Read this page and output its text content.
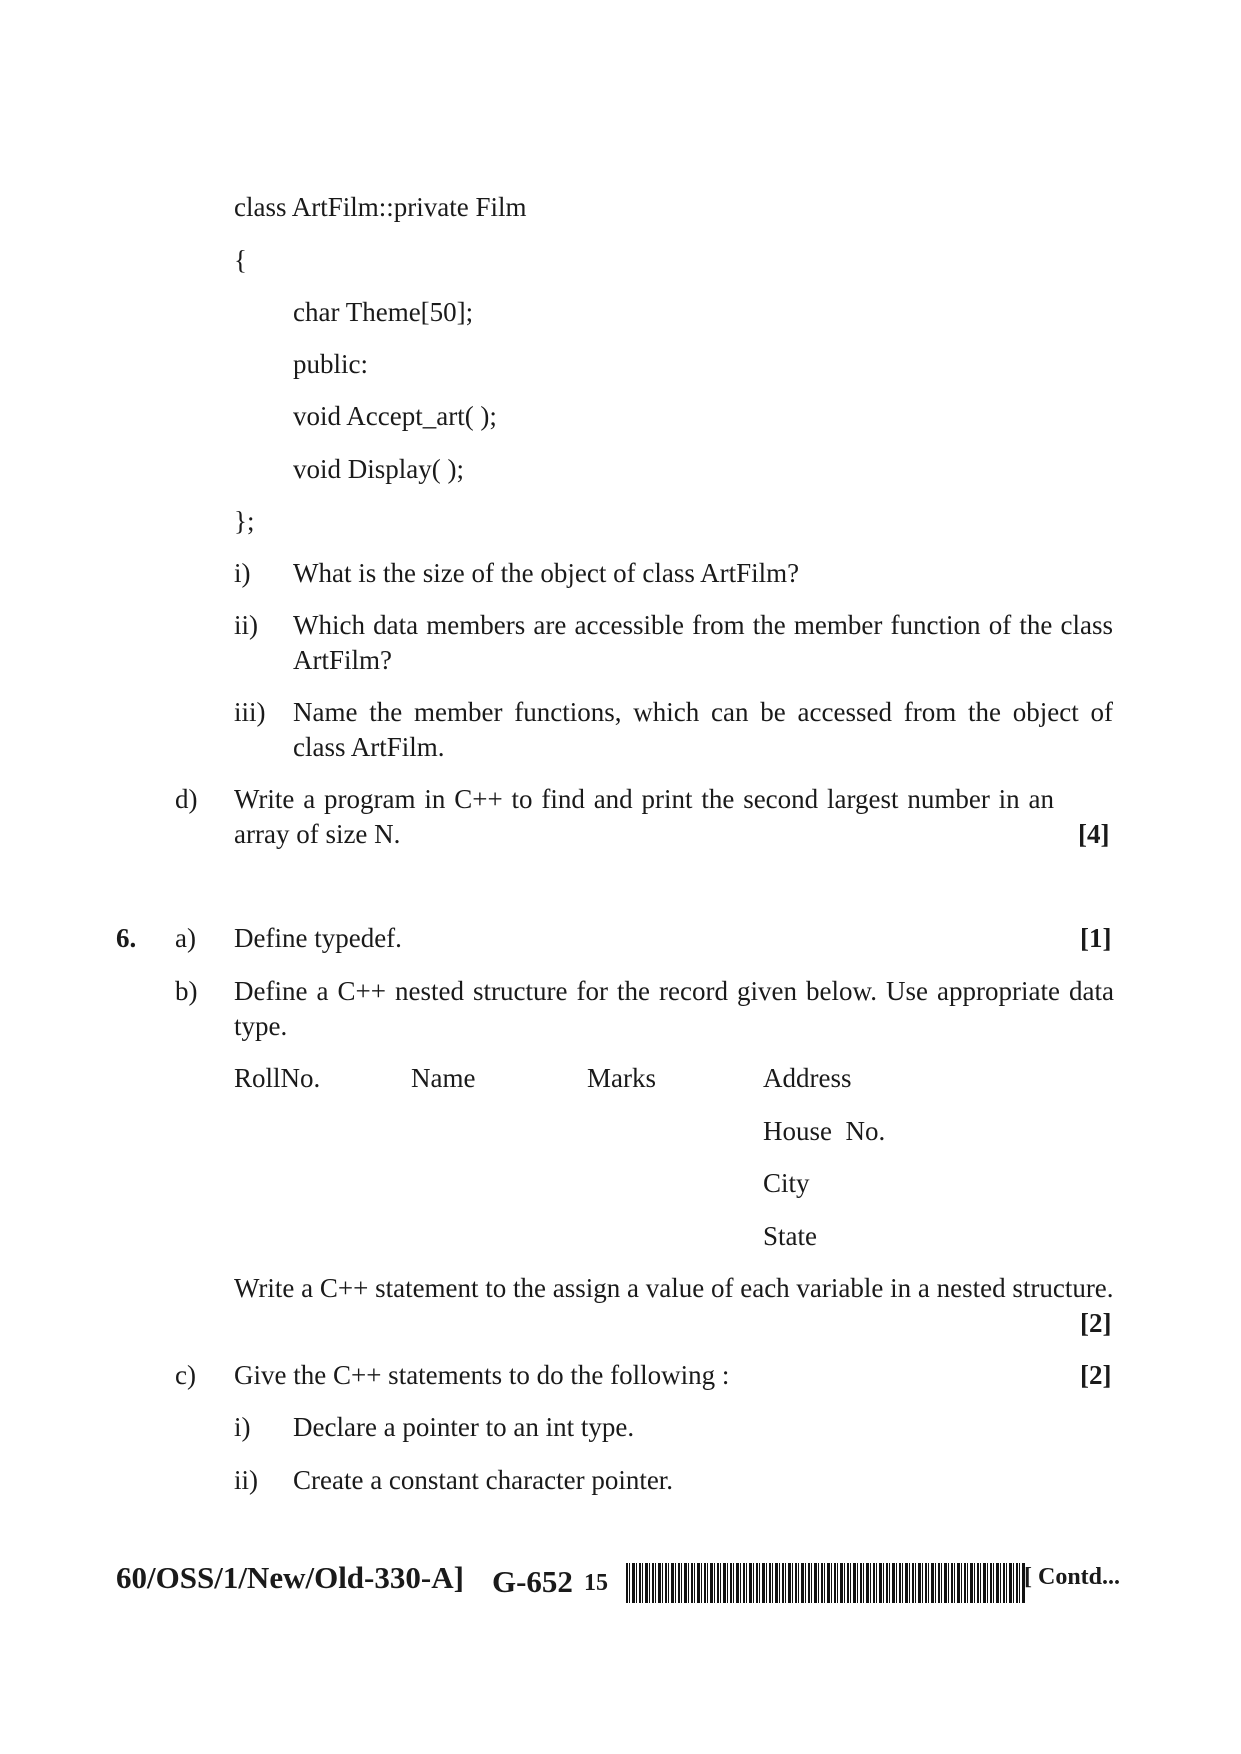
class ArtFilm::private Film
{
char Theme[50];
public:
void Accept_art( );
void Display( );
};
i) What is the size of the object of class ArtFilm?
ii) Which data members are accessible from the member function of the class ArtFilm?
iii) Name the member functions, which can be accessed from the object of class ArtFilm.
d) Write a program in C++ to find and print the second largest number in an array of size N.	[4]
6. a) Define typedef.	[1]
b) Define a C++ nested structure for the record given below. Use appropriate data type.
RollNo.	Name	Marks	Address
House  No.
City
State
Write a C++ statement to the assign a value of each variable in a nested structure.
[2]
c) Give the C++ statements to do the following :	[2]
i) Declare a pointer to an int type.
ii) Create a constant character pointer.
60/OSS/1/New/Old-330-A] G-652 15	[ Contd...
